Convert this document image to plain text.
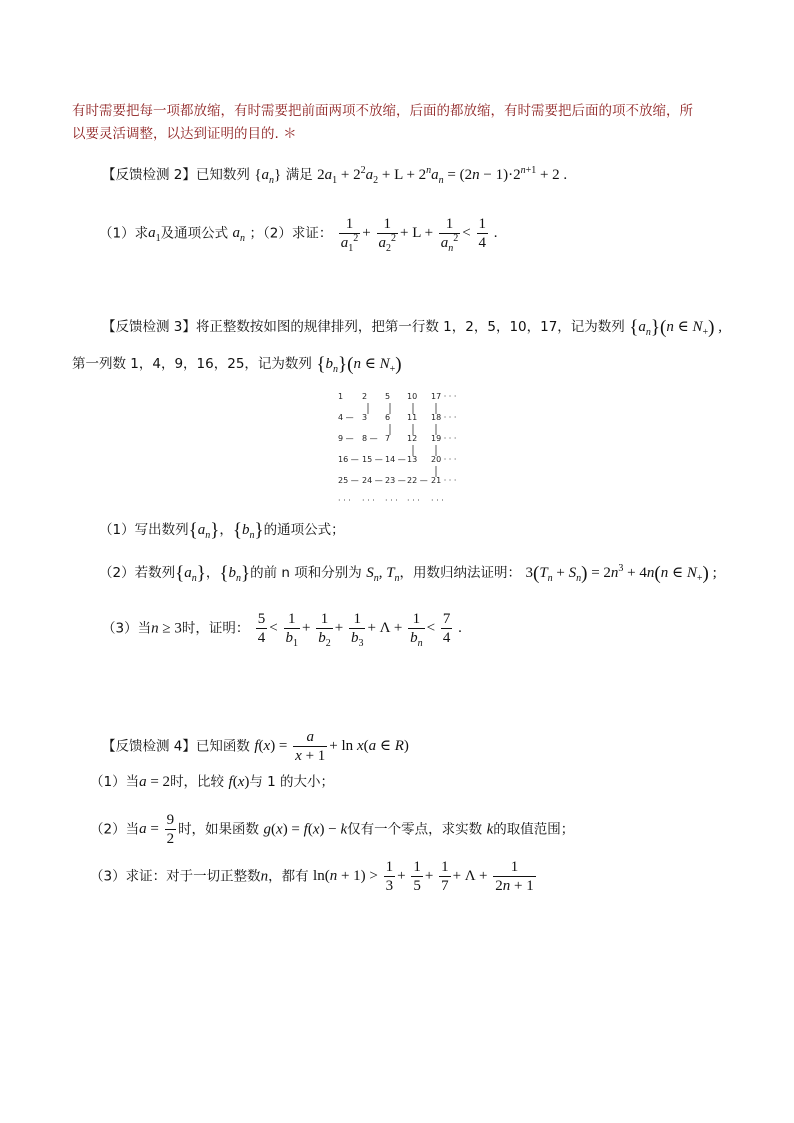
有时需要把每一项都放缩，有时需要把前面两项不放缩，后面的都放缩，有时需要把后面的项不放缩，所
以要灵活调整，以达到证明的目的. ＊
【反馈检测 2】已知数列 $\{a_n\}$ 满足 $2a_1 + 2^2a_2 + L + 2^na_n = (2n - 1)\cdot 2^{n+1} + 2$ .
（1）求$a_1$及通项公式 $a_n$ ；（2）求证： $\frac{1}{a_1^2} + \frac{1}{a_2^2} + L + \frac{1}{a_n^2} < \frac{1}{4}$ .
【反馈检测 3】将正整数按如图的规律排列，把第一行数 1，2，5，10，17，记为数列 $\{a_n\}(n$ ∈ $N_+$) ,
第一列数 1，4，9，16，25，记为数列 $\{b_n\}(n$ ∈ $N_+$)
1 2 5 10 17 · · ·
4 — 3 6 11 18 · · ·
9 — 8 — 7 12 19 · · ·
16 — 15 — 14 — 13 20 · · ·
25 — 24 — 23 — 22 — 21 · · ·
· · · · · · · · · · · · · · ·
（1）写出数列$\{a_n\}$，$\{b_n\}$的通项公式；
（2）若数列$\{a_n\}$，$\{b_n\}$的前 n 项和分别为 $S_n$, $T_n$，用数归纳法证明： $3(T_n + S_n) = 2n^3 + 4n(n$ ∈ $N_+$) ;
（3）当n ≥ 3时，证明： $\frac{5}{4} < \frac{1}{b_1} + \frac{1}{b_2} + \frac{1}{b_3} + \Lambda + \frac{1}{b_n} < \frac{7}{4}$ .
【反馈检测 4】已知函数 $f(x) = \frac{a}{x + 1} + \ln x(a$ ∈ R)
（1）当a = 2时，比较 f(x)与 1 的大小；
（2）当$a = \frac{9}{2}$ 时，如果函数 g(x) = f(x) − k仅有一个零点，求实数 k的取值范围；
（3）求证：对于一切正整数n，都有 $\ln(n + 1) > \frac{1}{3} + \frac{1}{5} + \frac{1}{7} + \Lambda + \frac{1}{2n + 1}$
